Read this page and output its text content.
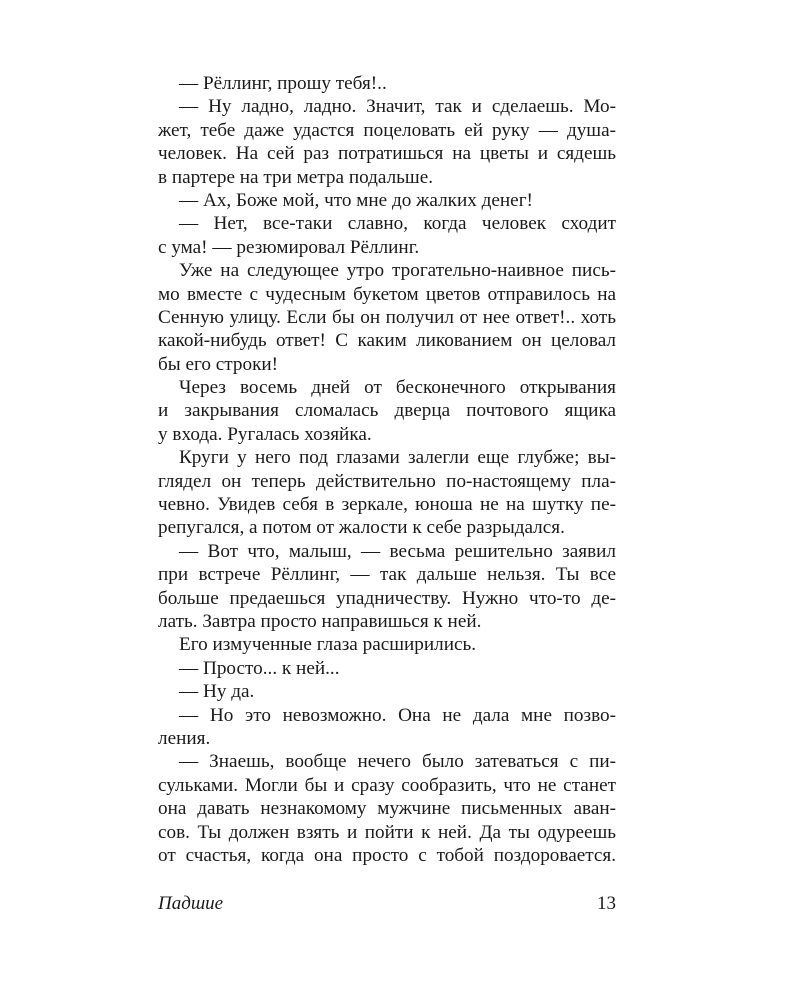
— Рёллинг, прошу тебя!..
— Ну ладно, ладно. Значит, так и сделаешь. Мо-
жет, тебе даже удастся поцеловать ей руку — душа-
человек. На сей раз потратишься на цветы и сядешь
в партере на три метра подальше.
— Ах, Боже мой, что мне до жалких денег!
— Нет, все-таки славно, когда человек сходит
с ума! — резюмировал Рёллинг.
Уже на следующее утро трогательно-наивное пись-
мо вместе с чудесным букетом цветов отправилось на
Сенную улицу. Если бы он получил от нее ответ!.. хоть
какой-нибудь ответ! С каким ликованием он целовал
бы его строки!
Через восемь дней от бесконечного открывания
и закрывания сломалась дверца почтового ящика
у входа. Ругалась хозяйка.
Круги у него под глазами залегли еще глубже; вы-
глядел он теперь действительно по-настоящему пла-
чевно. Увидев себя в зеркале, юноша не на шутку пе-
репугался, а потом от жалости к себе разрыдался.
— Вот что, малыш, — весьма решительно заявил
при встрече Рёллинг, — так дальше нельзя. Ты все
больше предаешься упадничеству. Нужно что-то де-
лать. Завтра просто направишься к ней.
Его измученные глаза расширились.
— Просто... к ней...
— Ну да.
— Но это невозможно. Она не дала мне позво-
ления.
— Знаешь, вообще нечего было затеваться с пи-
сульками. Могли бы и сразу сообразить, что не станет
она давать незнакомому мужчине письменных аван-
сов. Ты должен взять и пойти к ней. Да ты одуреешь
от счастья, когда она просто с тобой поздоровается.
Падшие	13
